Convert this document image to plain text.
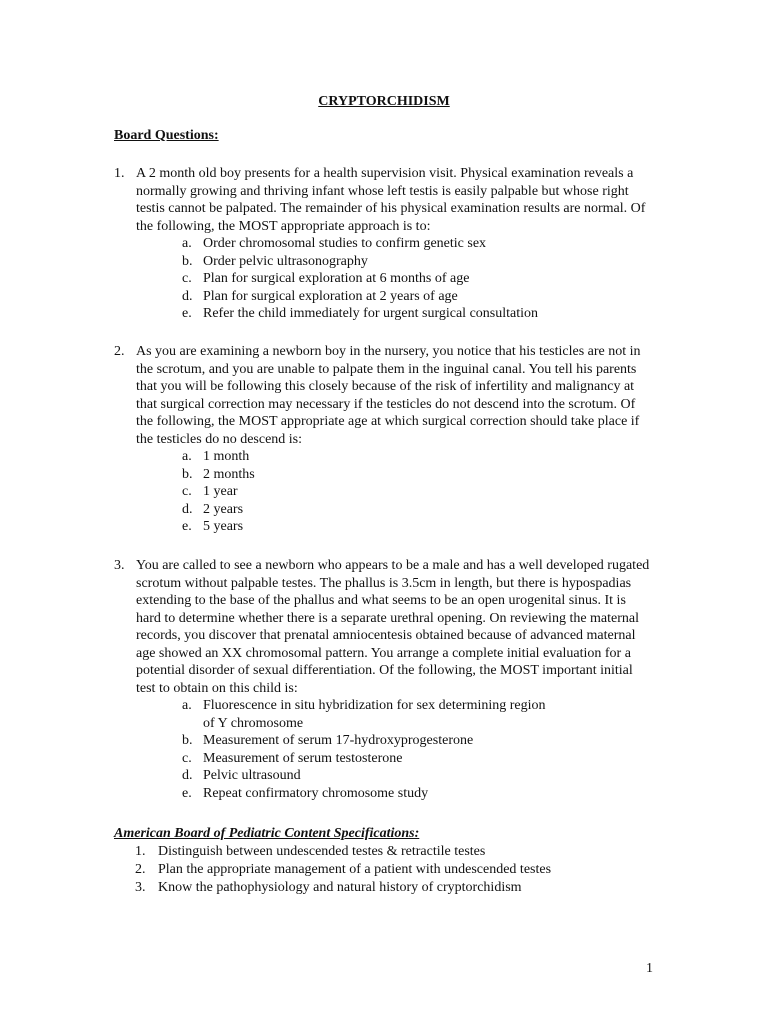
CRYPTORCHIDISM
Board Questions:
1. A 2 month old boy presents for a health supervision visit. Physical examination reveals a normally growing and thriving infant whose left testis is easily palpable but whose right testis cannot be palpated. The remainder of his physical examination results are normal. Of the following, the MOST appropriate approach is to:
a. Order chromosomal studies to confirm genetic sex
b. Order pelvic ultrasonography
c. Plan for surgical exploration at 6 months of age
d. Plan for surgical exploration at 2 years of age
e. Refer the child immediately for urgent surgical consultation
2. As you are examining a newborn boy in the nursery, you notice that his testicles are not in the scrotum, and you are unable to palpate them in the inguinal canal. You tell his parents that you will be following this closely because of the risk of infertility and malignancy at that surgical correction may necessary if the testicles do not descend into the scrotum. Of the following, the MOST appropriate age at which surgical correction should take place if the testicles do no descend is:
a. 1 month
b. 2 months
c. 1 year
d. 2 years
e. 5 years
3. You are called to see a newborn who appears to be a male and has a well developed rugated scrotum without palpable testes. The phallus is 3.5cm in length, but there is hypospadias extending to the base of the phallus and what seems to be an open urogenital sinus. It is hard to determine whether there is a separate urethral opening. On reviewing the maternal records, you discover that prenatal amniocentesis obtained because of advanced maternal age showed an XX chromosomal pattern. You arrange a complete initial evaluation for a potential disorder of sexual differentiation. Of the following, the MOST important initial test to obtain on this child is:
a. Fluorescence in situ hybridization for sex determining region of Y chromosome
b. Measurement of serum 17-hydroxyprogesterone
c. Measurement of serum testosterone
d. Pelvic ultrasound
e. Repeat confirmatory chromosome study
American Board of Pediatric Content Specifications:
1. Distinguish between undescended testes & retractile testes
2. Plan the appropriate management of a patient with undescended testes
3. Know the pathophysiology and natural history of cryptorchidism
1
